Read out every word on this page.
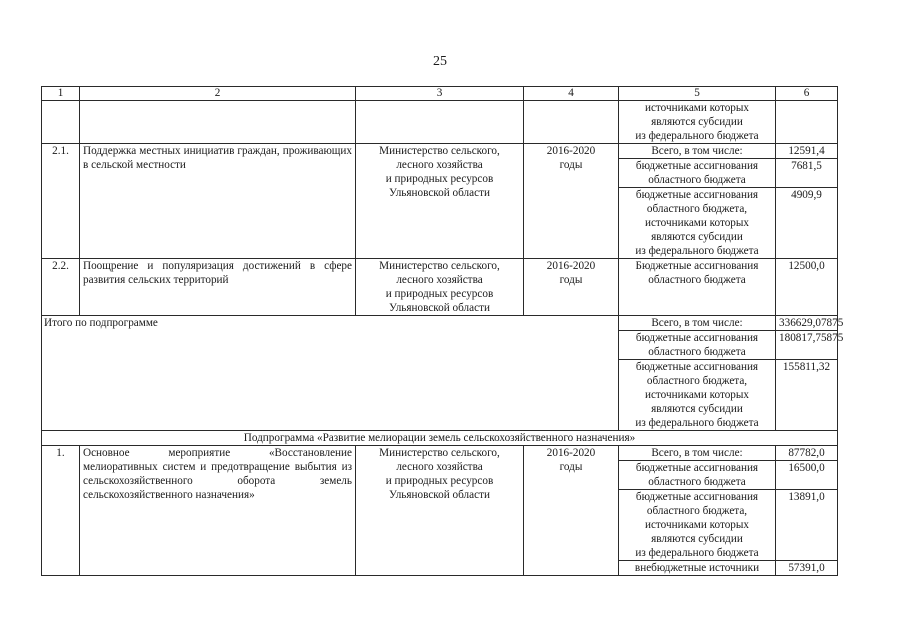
25
1	2	3	4	5	6
				источниками которых
являются субсидии
из федерального бюджета	
2.1.	Поддержка местных инициатив граждан, проживающих в сельской местности	Министерство сельского,
лесного хозяйства
и природных ресурсов
Ульяновской области	2016-2020
годы	Всего, в том числе:	12591,4
				бюджетные ассигнования
областного бюджета	7681,5
				бюджетные ассигнования
областного бюджета,
источниками которых
являются субсидии
из федерального бюджета	4909,9
2.2.	Поощрение и популяризация достижений в сфере развития сельских территорий	Министерство сельского,
лесного хозяйства
и природных ресурсов
Ульяновской области	2016-2020
годы	Бюджетные ассигнования
областного бюджета	12500,0
Итого по подпрограмме				Всего, в том числе:	336629,07875
				бюджетные ассигнования
областного бюджета	180817,75875
				бюджетные ассигнования
областного бюджета,
источниками которых
являются субсидии
из федерального бюджета	155811,32
Подпрограмма «Развитие мелиорации земель сельскохозяйственного назначения»					
1.	Основное мероприятие «Восстановление мелиоративных систем и предотвращение выбытия из сельскохозяйственного оборота земель сельскохозяйственного назначения»	Министерство сельского,
лесного хозяйства
и природных ресурсов
Ульяновской области	2016-2020
годы	Всего, в том числе:	87782,0
				бюджетные ассигнования
областного бюджета	16500,0
				бюджетные ассигнования
областного бюджета,
источниками которых
являются субсидии
из федерального бюджета	13891,0
				внебюджетные источники	57391,0
